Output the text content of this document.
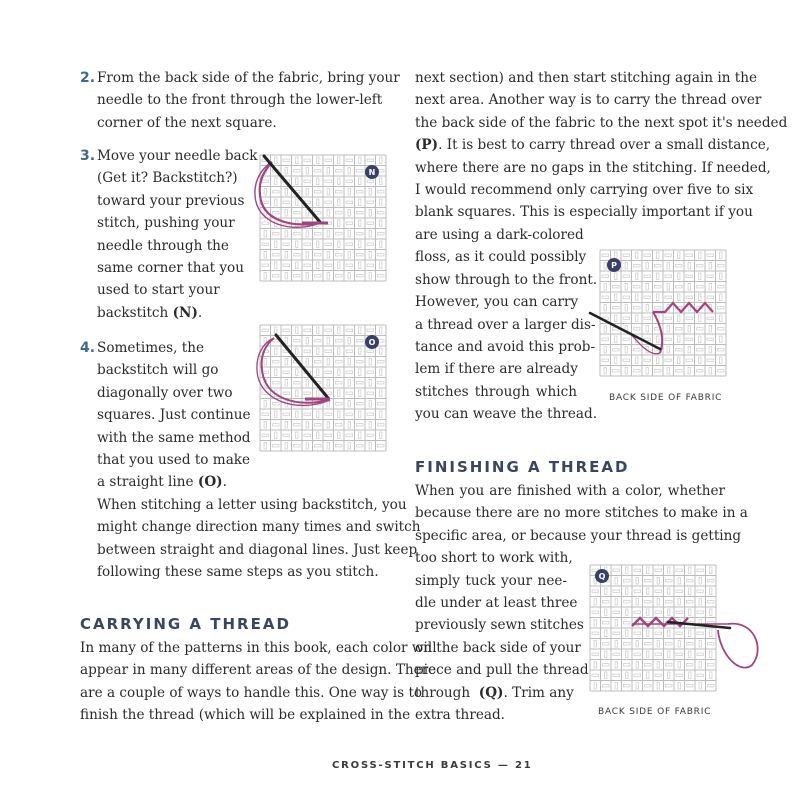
2. From the back side of the fabric, bring your

needle to the front through the lower-left

corner of the next square.

3. Move your needle back

(Get it? Backstitch?)

toward your previous

stitch, pushing your

needle through the

same corner that you

used to start your

backstitch (N).

4. Sometimes, the

backstitch will go

diagonally over two

squares. Just continue

with the same method

that you used to make

a straight line (O).

When stitching a letter using backstitch, you

might change direction many times and switch

between straight and diagonal lines. Just keep

following these same steps as you stitch.

CARRYING A THREAD

In many of the patterns in this book, each color will

appear in many different areas of the design. There

are a couple of ways to handle this. One way is to

finish the thread (which will be explained in the

next section) and then start stitching again in the

next area. Another way is to carry the thread over

the back side of the fabric to the next spot it's needed

(P). It is best to carry thread over a small distance,

where there are no gaps in the stitching. If needed,

I would recommend only carrying over five to six

blank squares. This is especially important if you

are using a dark-colored

floss, as it could possibly

show through to the front.

However, you can carry

a thread over a larger dis-

tance and avoid this prob-

lem if there are already

stitches through which

you can weave the thread.

FINISHING A THREAD

When you are finished with a color, whether

because there are no more stitches to make in a

specific area, or because your thread is getting

too short to work with,

simply tuck your nee-

dle under at least three

previously sewn stitches

on the back side of your

piece and pull the thread

through (Q). Trim any

extra thread.

N
O
P
BACK SIDE OF FABRIC
Q
BACK SIDE OF FABRIC
CROSS-STITCH BASICS — 21
